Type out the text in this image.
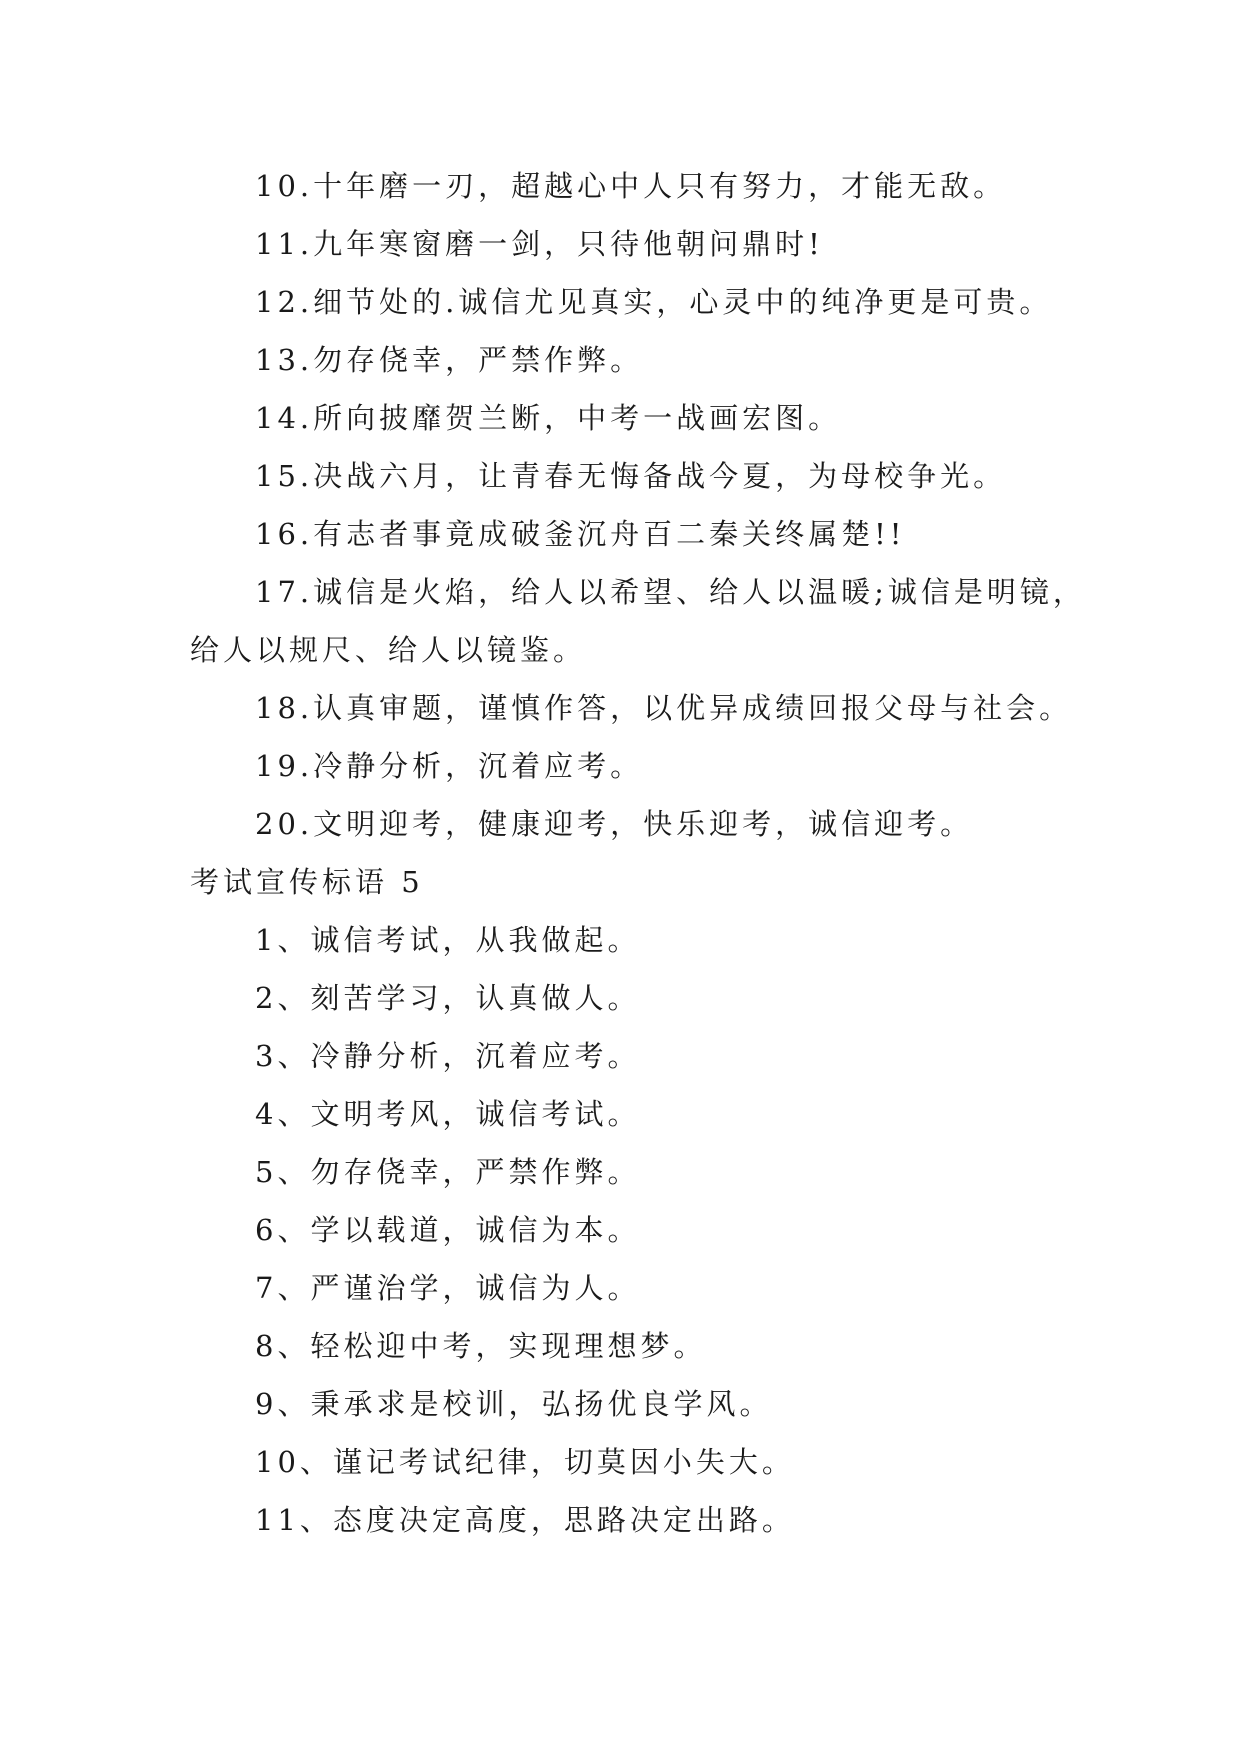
10.十年磨一刃，超越心中人只有努力，才能无敌。
11.九年寒窗磨一剑，只待他朝问鼎时!
12.细节处的.诚信尤见真实，心灵中的纯净更是可贵。
13.勿存侥幸，严禁作弊。
14.所向披靡贺兰断，中考一战画宏图。
15.决战六月，让青春无悔备战今夏，为母校争光。
16.有志者事竟成破釜沉舟百二秦关终属楚!!
17.诚信是火焰，给人以希望、给人以温暖;诚信是明镜，
给人以规尺、给人以镜鉴。
18.认真审题，谨慎作答，以优异成绩回报父母与社会。
19.冷静分析，沉着应考。
20.文明迎考，健康迎考，快乐迎考，诚信迎考。
考试宣传标语 5
1、诚信考试，从我做起。
2、刻苦学习，认真做人。
3、冷静分析，沉着应考。
4、文明考风，诚信考试。
5、勿存侥幸，严禁作弊。
6、学以载道，诚信为本。
7、严谨治学，诚信为人。
8、轻松迎中考，实现理想梦。
9、秉承求是校训，弘扬优良学风。
10、谨记考试纪律，切莫因小失大。
11、态度决定高度，思路决定出路。
